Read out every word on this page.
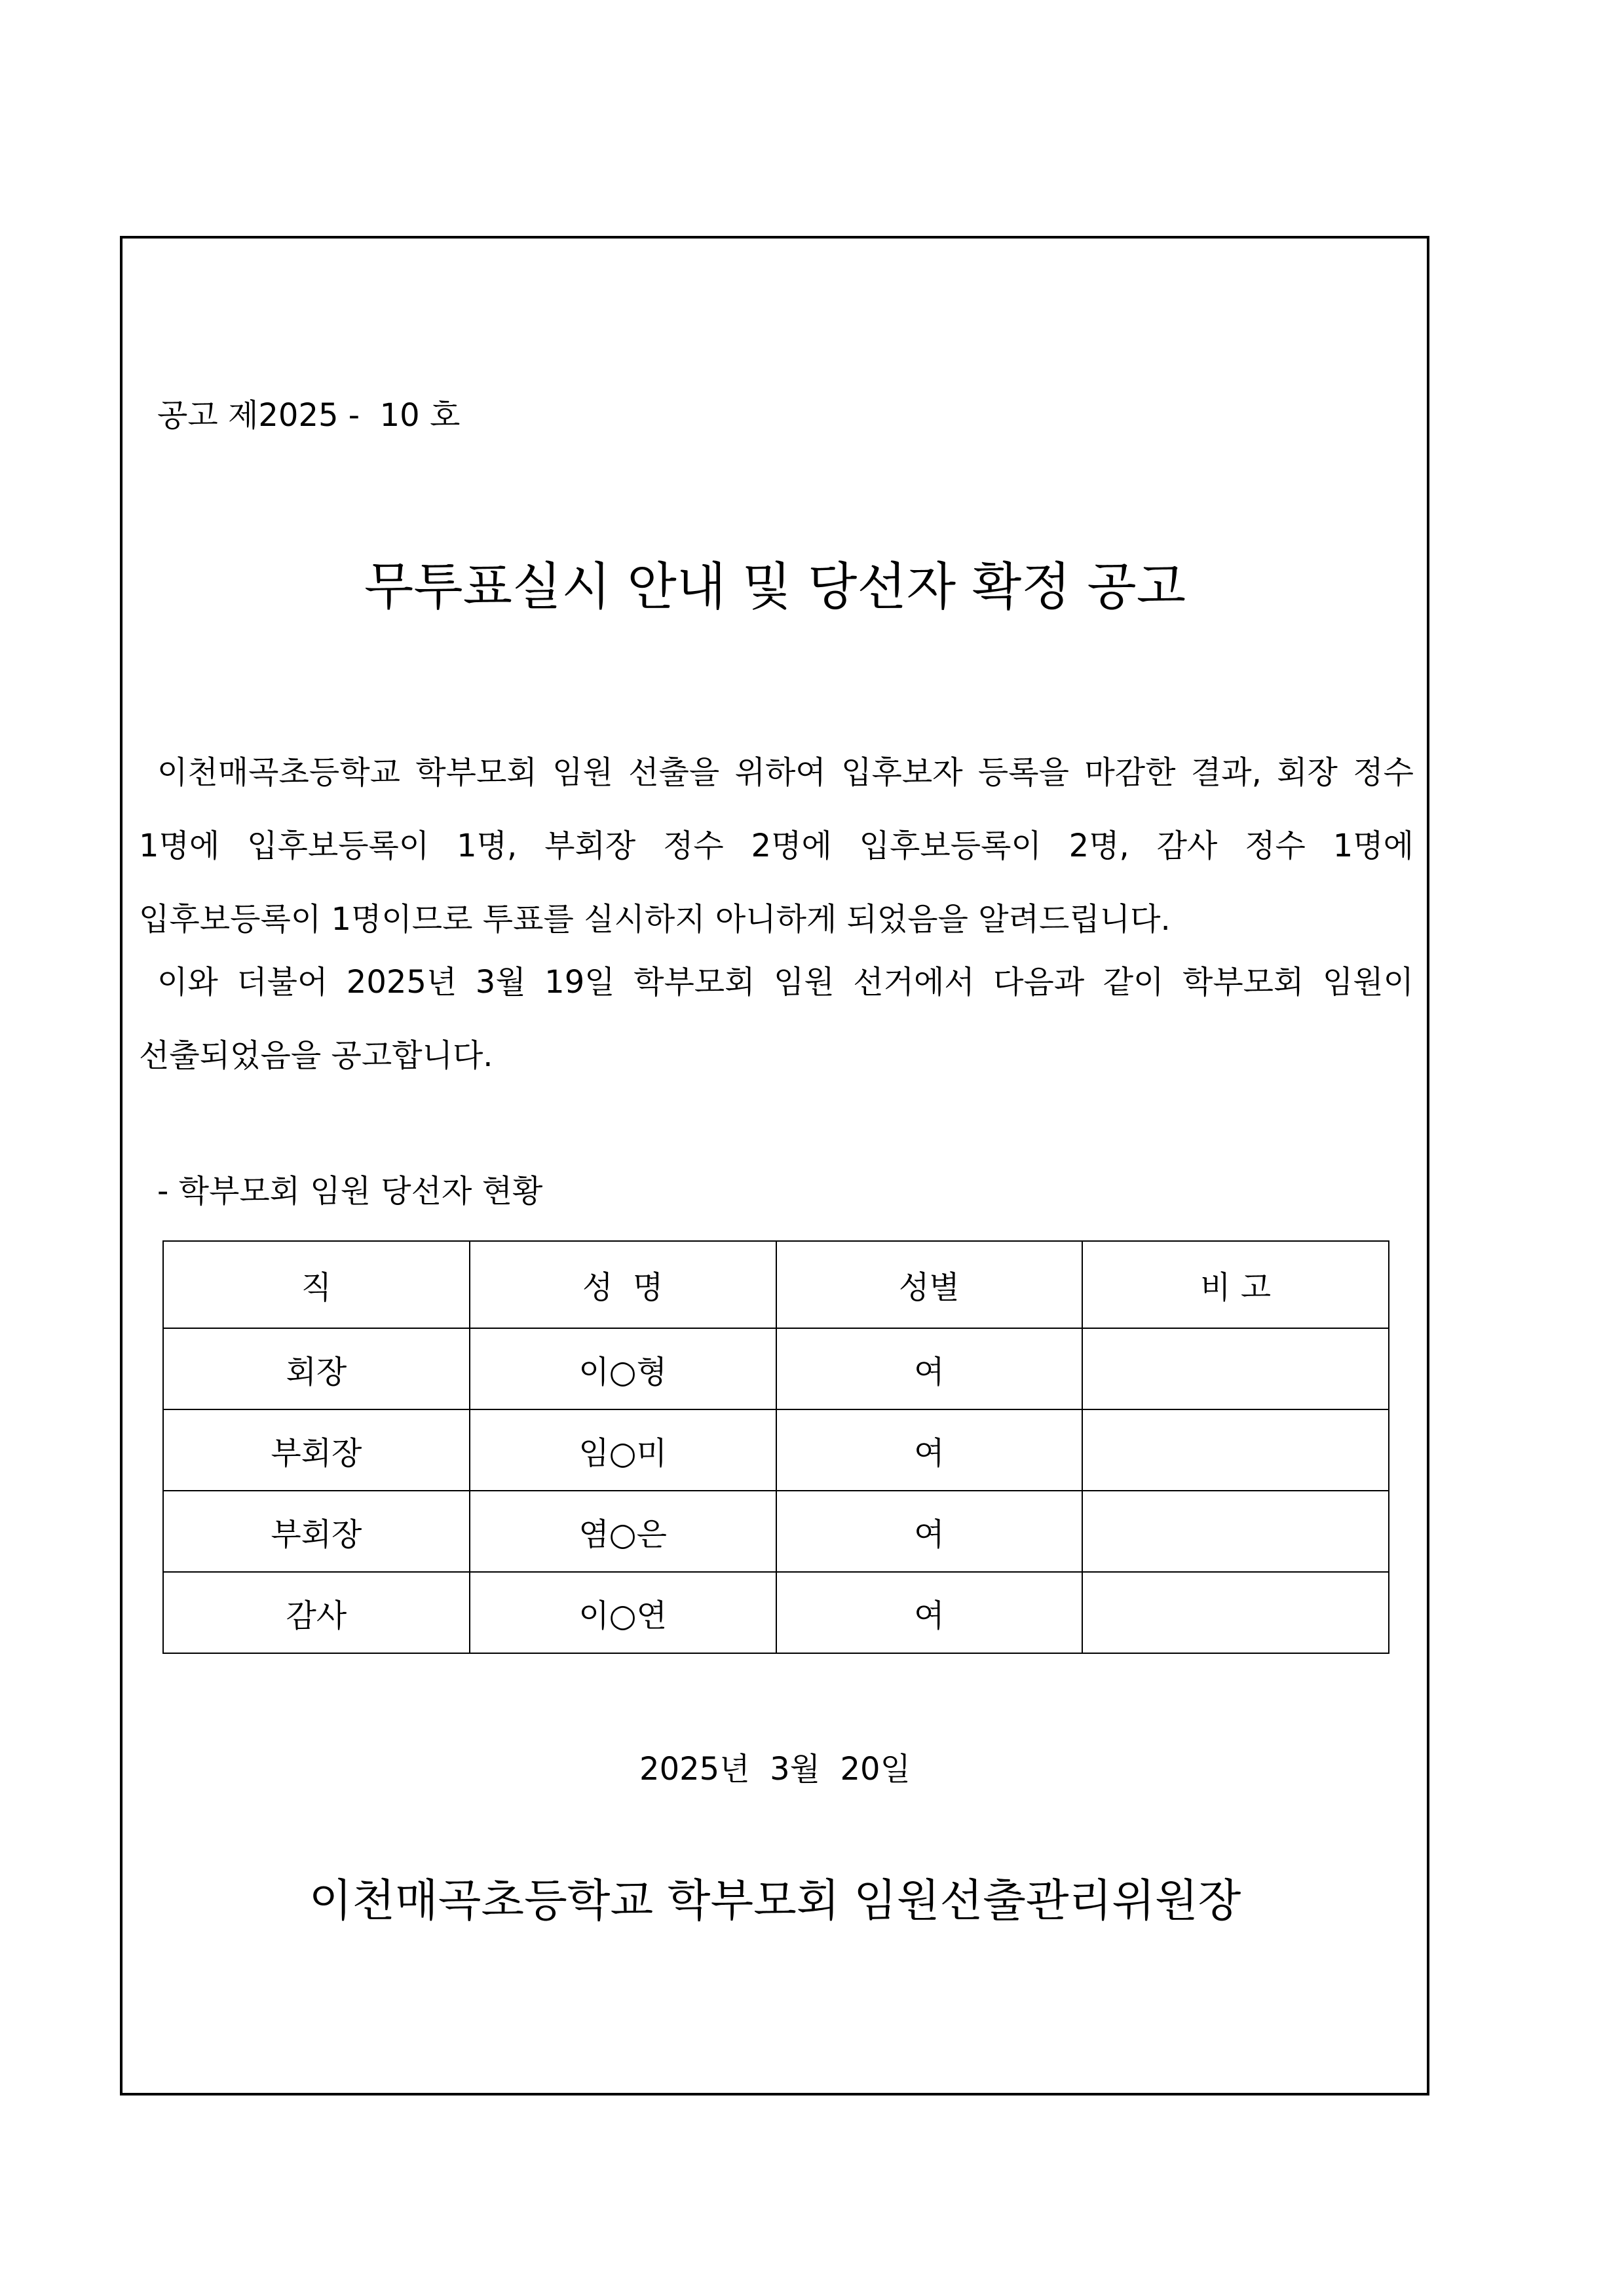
공고 제2025 -  10 호
무투표실시 안내 및 당선자 확정 공고
이천매곡초등학교 학부모회 임원 선출을 위하여 입후보자 등록을 마감한 결과, 회장 정수 1명에 입후보등록이 1명, 부회장 정수 2명에 입후보등록이 2명, 감사 정수 1명에 입후보등록이 1명이므로 투표를 실시하지 아니하게 되었음을 알려드립니다.
이와 더불어 2025년 3월 19일 학부모회 임원 선거에서 다음과 같이 학부모회 임원이 선출되었음을 공고합니다.
- 학부모회 임원 당선자 현황
직	성  명	성별	비 고
회장	이○형	여	
부회장	임○미	여	
부회장	염○은	여	
감사	이○연	여	
2025년  3월  20일
이천매곡초등학교 학부모회 임원선출관리위원장
